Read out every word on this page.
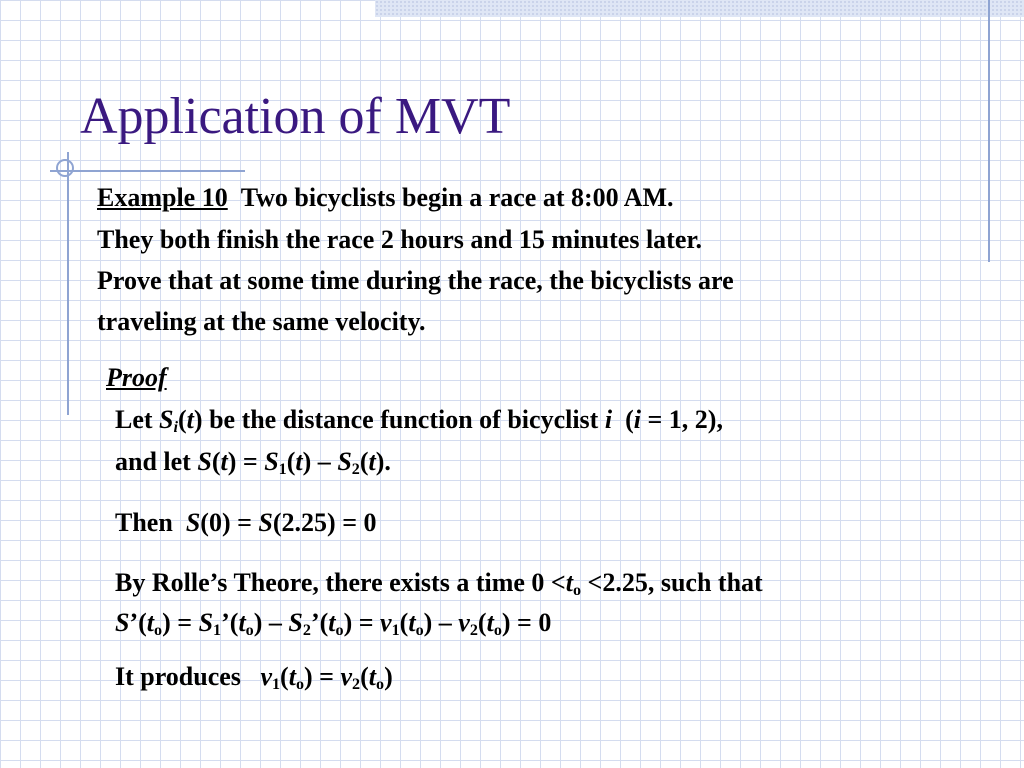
Application of MVT
Example 10 Two bicyclists begin a race at 8:00 AM.
They both finish the race 2 hours and 15 minutes later.
Prove that at some time during the race, the bicyclists are
traveling at the same velocity.
Proof
Let $S_i(t)$ be the distance function of bicyclist i  (i = 1, 2),
and let $S(t) = S_1(t) - S_2(t)$.
Then  S(0) = S(2.25) = 0
By Rolle’s Theore, there exists a time $0 <t_o <2.25$, such that
$S’(t_o)$ = $S_1’(t_o)$ – $S_2’(t_o) = v_1(t_o) - v_2(t_o) = 0$
It produces   $v_1(t_o) = v_2(t_o)$
